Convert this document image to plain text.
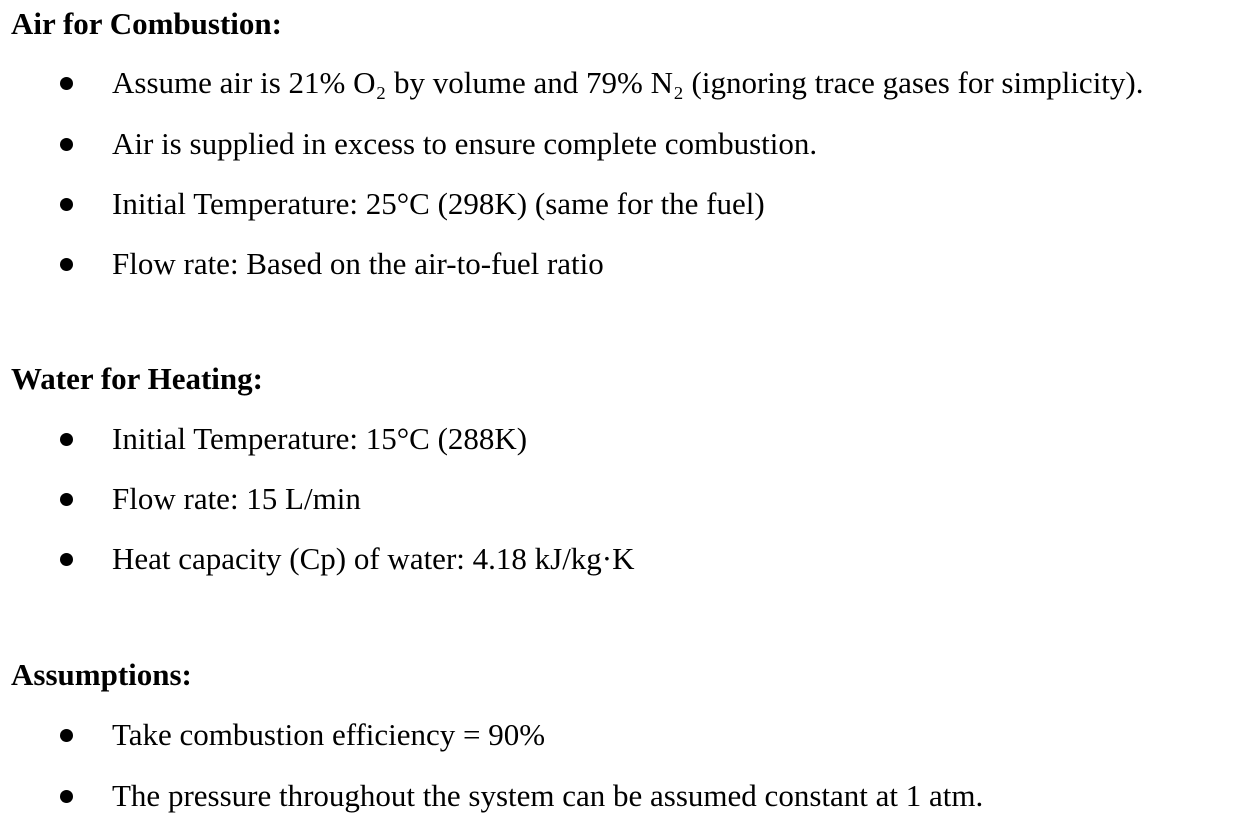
Air for Combustion:
Assume air is 21% O₂ by volume and 79% N₂ (ignoring trace gases for simplicity).
Air is supplied in excess to ensure complete combustion.
Initial Temperature: 25°C (298K) (same for the fuel)
Flow rate: Based on the air-to-fuel ratio
Water for Heating:
Initial Temperature: 15°C (288K)
Flow rate: 15 L/min
Heat capacity (Cp) of water: 4.18 kJ/kg·K
Assumptions:
Take combustion efficiency = 90%
The pressure throughout the system can be assumed constant at 1 atm.
